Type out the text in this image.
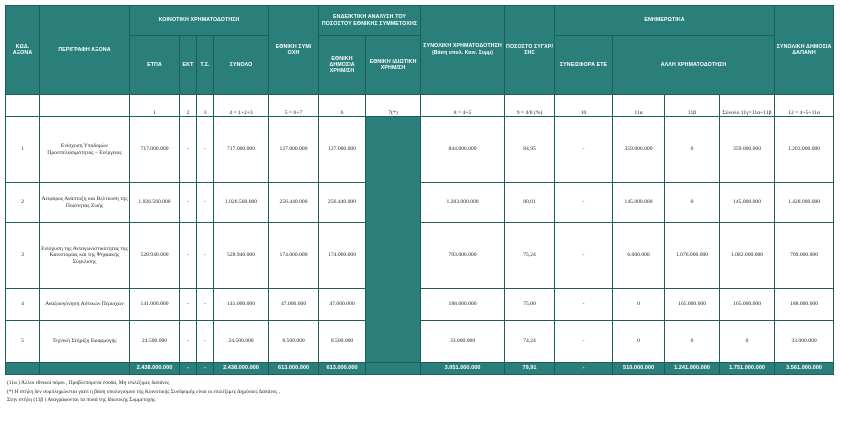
ΚΩΔ. ΑΞΟΝΑ	ΠΕΡΙΓΡΑΦΗ ΑΞΟΝΑ	ΚΟΙΝΟΤΙΚΗ ΧΡΗΜΑΤΟΔΟΤΗΣΗ				ΕΘΝΙΚΗ ΣΥΜ/ΟΧΗ	ΕΝΔΕΙΚΤΙΚΗ ΑΝΑΛΥΣΗ ΤΟΥ ΠΟΣΟΣΤΟΥ ΕΘΝΙΚΗΣ ΣΥΜΜΕΤΟΧΗΣ		ΣΥΝΟΛΙΚΗ ΧΡΗΜΑΤΟΔΟΤΗΣΗ
(Βάση υπολ. Κοιν. Συμμ)	ΠΟΣΟΣΤΟ ΣΥΓΧΡ/ΣΗΣ	ΕΝΗΜΕΡΩΤΙΚΑ				ΣΥΝΟΛΙΚΗ ΔΗΜΟΣΙΑ ΔΑΠΑΝΗ
		ΕΤΠΑ	ΕΚΤ	Τ.Σ.	ΣΥΝΟΛΟ		ΕΘΝΙΚΗ ΔΗΜΟΣΙΑ ΧΡΗΜ/ΣΗ	ΕΘΝΙΚΗ ΙΔΙΩΤΙΚΗ ΧΡΗΜ/ΣΗ			ΣΥΝΕΙΣΦΟΡΑ ΕΤΕ	ΑΛΛΗ ΧΡΗΜΑΤΟΔΟΤΗΣΗ			
		1	2	3	4 = 1+2+3	5 = 6+7	6	7(*)	8 = 4+5	9 = 4/8 (%)	10	11α	11β	Σύνολο 11γ=11α+11β	12 = 4+5+11α
1	Ενίσχυση Υποδομών Προσπελασιμότητας – Ενέργειας	717.000.000	-	-	717.000.000	127.000.000	127.000.000		844.000.000	84,95	-	359.000.000	0	359.000.000	1.203.000.000
2	Αειφόρος Ανάπτυξη και Βελτίωση της Ποιότητας Ζωής	1.026.560.000	-	-	1.026.560.000	256.440.000	256.440.000		1.283.000.000	80,01	-	145.000.000	0	145.000.000	1.428.000.000
3	Ενίσχυση της Ανταγωνιστικότητας της Καινοτομίας και της Ψηφιακής Σύγκλισης	528.940.000	-	-	528.940.000	174.060.000	174.060.000		703.000.000	75,24	-	6.000.000	1.076.000.000	1.082.000.000	709.000.000
4	Αναζωογόνηση Αστικών Περιοχών	141.000.000	-	-	141.000.000	47.000.000	47.000.000		188.000.000	75,00	-	0	165.000.000	165.000.000	188.000.000
5	Τεχνική Στήριξη Εφαρμογής	24.500.000	-	-	24.500.000	8.500.000	8.500.000		33.000.000	74,24	-	0	0	0	33.000.000
		2.438.000.000	-	-	2.438.000.000	613.000.000	613.000.000		3.051.000.000	79,91	-	510.000.000	1.241.000.000	1.751.000.000	3.561.000.000
(11α ) Άλλοι εθνικοί πόροι , Προβλεπόμενα έσοδα, Μη επιλέξιμες δαπάνες
(*) Η στήλη δεν συμπληρώνεται γιατί η βάση υπολογισμού της Κοινοτικής Συνδρομής είναι οι επιλέξιμες Δημόσιες Δαπάνες .
Στην στήλη (11β ) Αναγράφονται τα ποσά της Ιδιωτικής Συμμετοχής
